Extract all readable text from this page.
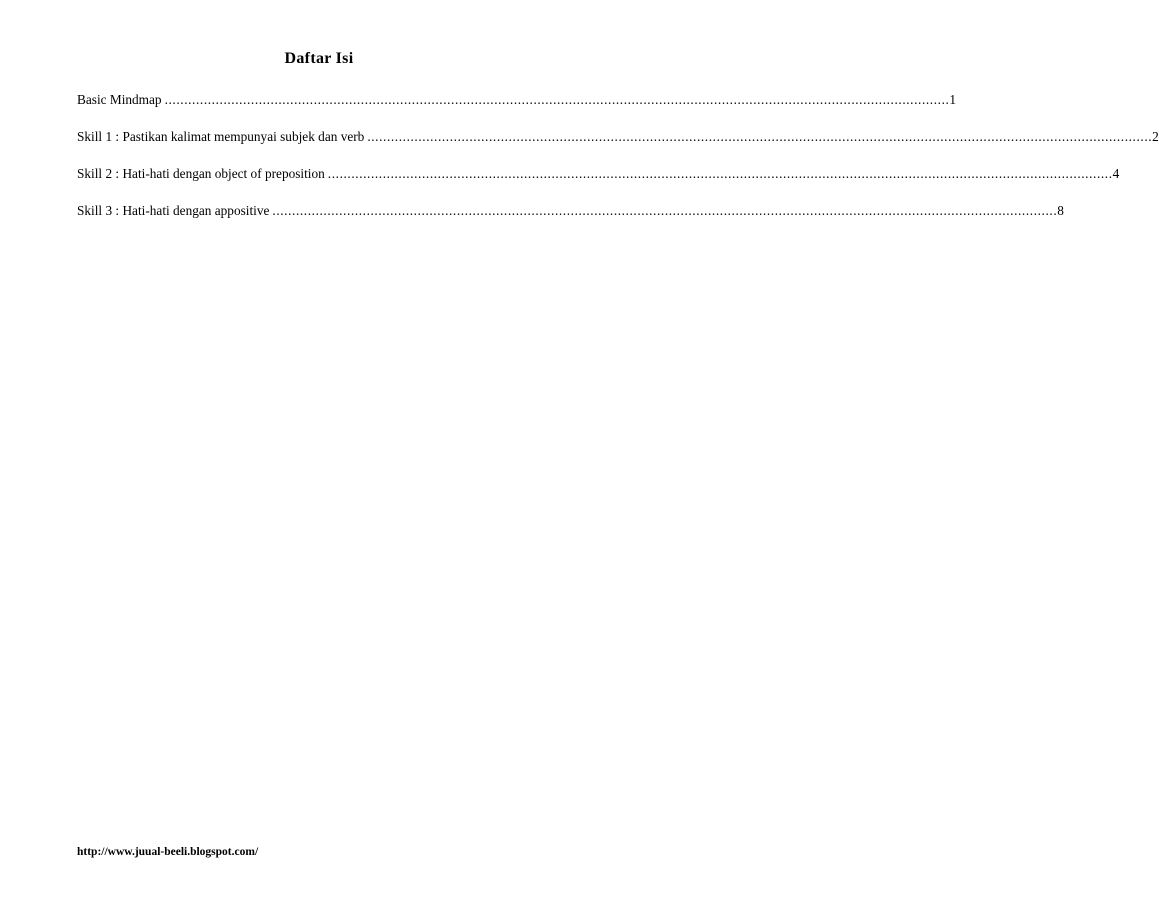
Daftar Isi
Basic Mindmap ........................................................................................................................................................................................................ 1
Skill 1 : Pastikan kalimat mempunyai subjek dan verb ........................................................................................................................................................................................................ 2
Skill 2 : Hati-hati dengan object of preposition ........................................................................................................................................................................................................ 4
Skill 3 : Hati-hati dengan appositive ........................................................................................................................................................................................................ 8
http://www.juual-beeli.blogspot.com/
